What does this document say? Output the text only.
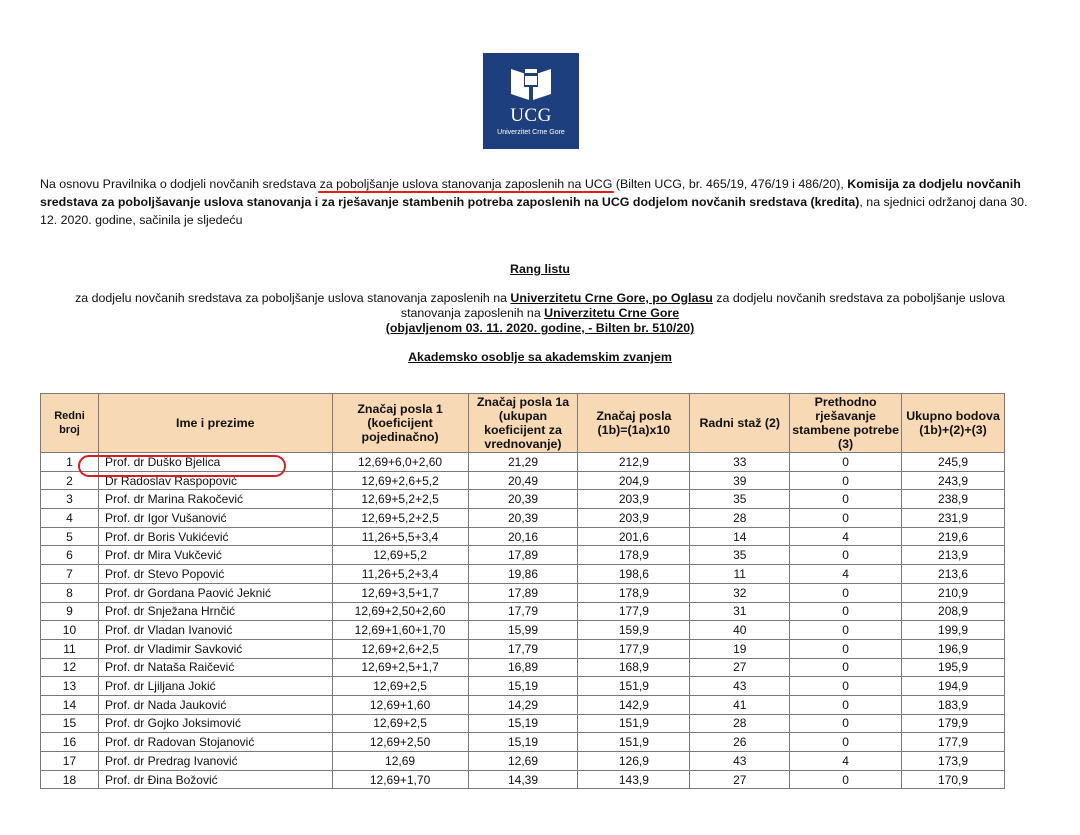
UCG
Univerzitet Crne Gore
Na osnovu Pravilnika o dodjeli novčanih sredstava za poboljšanje uslova stanovanja zaposlenih na UCG (Bilten UCG, br. 465/19, 476/19 i 486/20), Komisija za dodjelu novčanih sredstava za poboljšavanje uslova stanovanja i za rješavanje stambenih potreba zaposlenih na UCG dodjelom novčanih sredstava (kredita), na sjednici održanoj dana 30. 12. 2020. godine, sačinila je sljedeću
Rang listu
za dodjelu novčanih sredstava za poboljšanje uslova stanovanja zaposlenih na Univerzitetu Crne Gore, po Oglasu za dodjelu novčanih sredstava za poboljšanje uslova
stanovanja zaposlenih na Univerzitetu Crne Gore
(objavljenom 03. 11. 2020. godine, - Bilten br. 510/20)
Akademsko osoblje sa akademskim zvanjem
Redni broj	Ime i prezime	Značaj posla 1 (koeficijent pojedinačno)	Značaj posla 1a (ukupan koeficijent za vrednovanje)	Značaj posla (1b)=(1a)x10	Radni staž (2)	Prethodno rješavanje stambene potrebe (3)	Ukupno bodova (1b)+(2)+(3)
1	Prof. dr Duško Bjelica	12,69+6,0+2,60	21,29	212,9	33	0	245,9
2	Dr Radoslav Raspopović	12,69+2,6+5,2	20,49	204,9	39	0	243,9
3	Prof. dr Marina Rakočević	12,69+5,2+2,5	20,39	203,9	35	0	238,9
4	Prof. dr Igor Vušanović	12,69+5,2+2,5	20,39	203,9	28	0	231,9
5	Prof. dr Boris Vukićević	11,26+5,5+3,4	20,16	201,6	14	4	219,6
6	Prof. dr Mira Vukčević	12,69+5,2	17,89	178,9	35	0	213,9
7	Prof. dr Stevo Popović	11,26+5,2+3,4	19,86	198,6	11	4	213,6
8	Prof. dr Gordana Paović Jeknić	12,69+3,5+1,7	17,89	178,9	32	0	210,9
9	Prof. dr Snježana Hrnčić	12,69+2,50+2,60	17,79	177,9	31	0	208,9
10	Prof. dr Vladan Ivanović	12,69+1,60+1,70	15,99	159,9	40	0	199,9
11	Prof. dr Vladimir Savković	12,69+2,6+2,5	17,79	177,9	19	0	196,9
12	Prof. dr Nataša Raičević	12,69+2,5+1,7	16,89	168,9	27	0	195,9
13	Prof. dr Ljiljana Jokić	12,69+2,5	15,19	151,9	43	0	194,9
14	Prof. dr Nada Jauković	12,69+1,60	14,29	142,9	41	0	183,9
15	Prof. dr Gojko Joksimović	12,69+2,5	15,19	151,9	28	0	179,9
16	Prof. dr Radovan Stojanović	12,69+2,50	15,19	151,9	26	0	177,9
17	Prof. dr Predrag Ivanović	12,69	12,69	126,9	43	4	173,9
18	Prof. dr Đina Božović	12,69+1,70	14,39	143,9	27	0	170,9
